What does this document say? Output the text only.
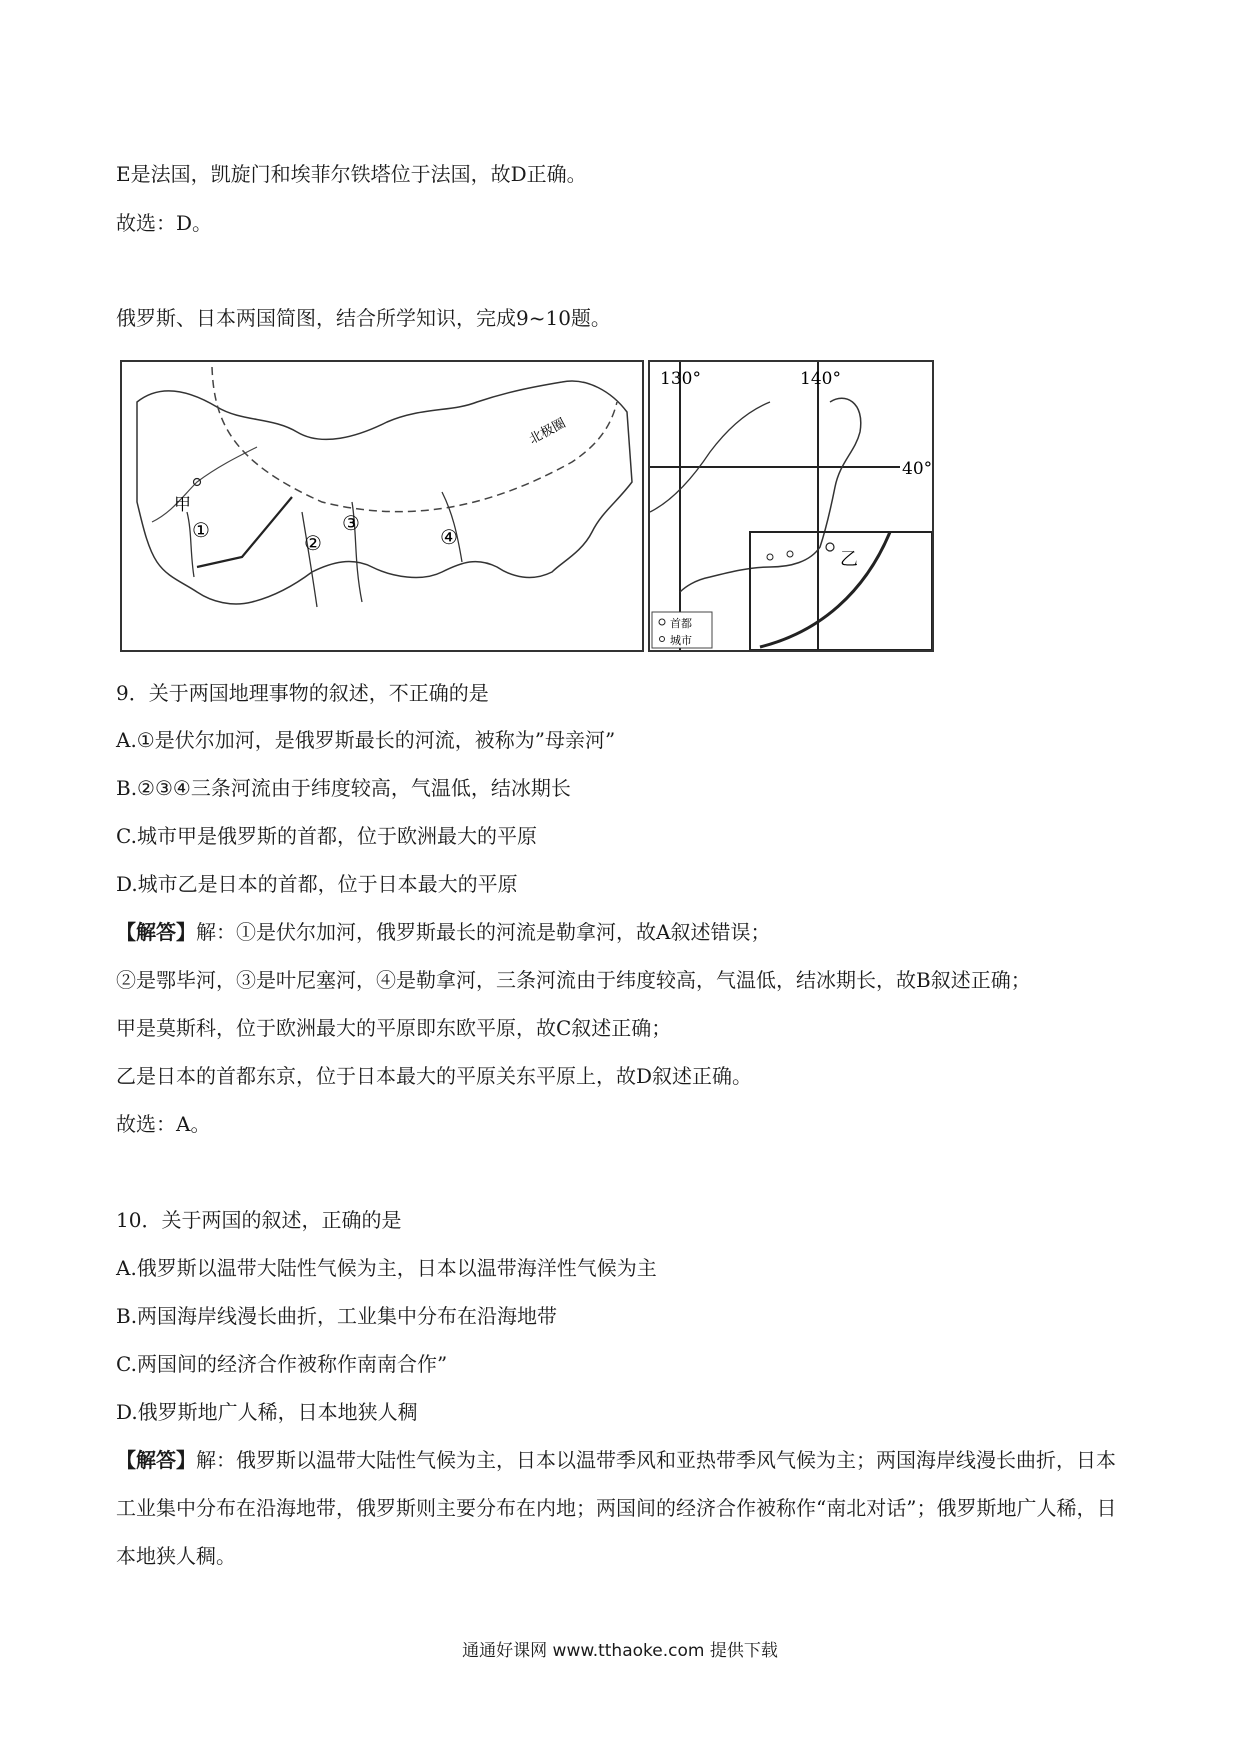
E是法国，凯旋门和埃菲尔铁塔位于法国，故D正确。
故选：D。
俄罗斯、日本两国简图，结合所学知识，完成9~10题。
甲
①
②
③
④
北极圈
130°	140°
40°
乙
首都
城市
9．关于两国地理事物的叙述，不正确的是
A.①是伏尔加河，是俄罗斯最长的河流，被称为”母亲河”
B.②③④三条河流由于纬度较高，气温低，结冰期长
C.城市甲是俄罗斯的首都，位于欧洲最大的平原
D.城市乙是日本的首都，位于日本最大的平原
【解答】解：①是伏尔加河，俄罗斯最长的河流是勒拿河，故A叙述错误；
②是鄂毕河，③是叶尼塞河，④是勒拿河，三条河流由于纬度较高，气温低，结冰期长，故B叙述正确；
甲是莫斯科，位于欧洲最大的平原即东欧平原，故C叙述正确；
乙是日本的首都东京，位于日本最大的平原关东平原上，故D叙述正确。
故选：A。
10．关于两国的叙述，正确的是
A.俄罗斯以温带大陆性气候为主，日本以温带海洋性气候为主
B.两国海岸线漫长曲折，工业集中分布在沿海地带
C.两国间的经济合作被称作南南合作”
D.俄罗斯地广人稀，日本地狭人稠
【解答】解：俄罗斯以温带大陆性气候为主，日本以温带季风和亚热带季风气候为主；两国海岸线漫长曲折，日本工业集中分布在沿海地带，俄罗斯则主要分布在内地；两国间的经济合作被称作“南北对话”；俄罗斯地广人稀，日本地狭人稠。
通通好课网 www.tthaoke.com 提供下载
